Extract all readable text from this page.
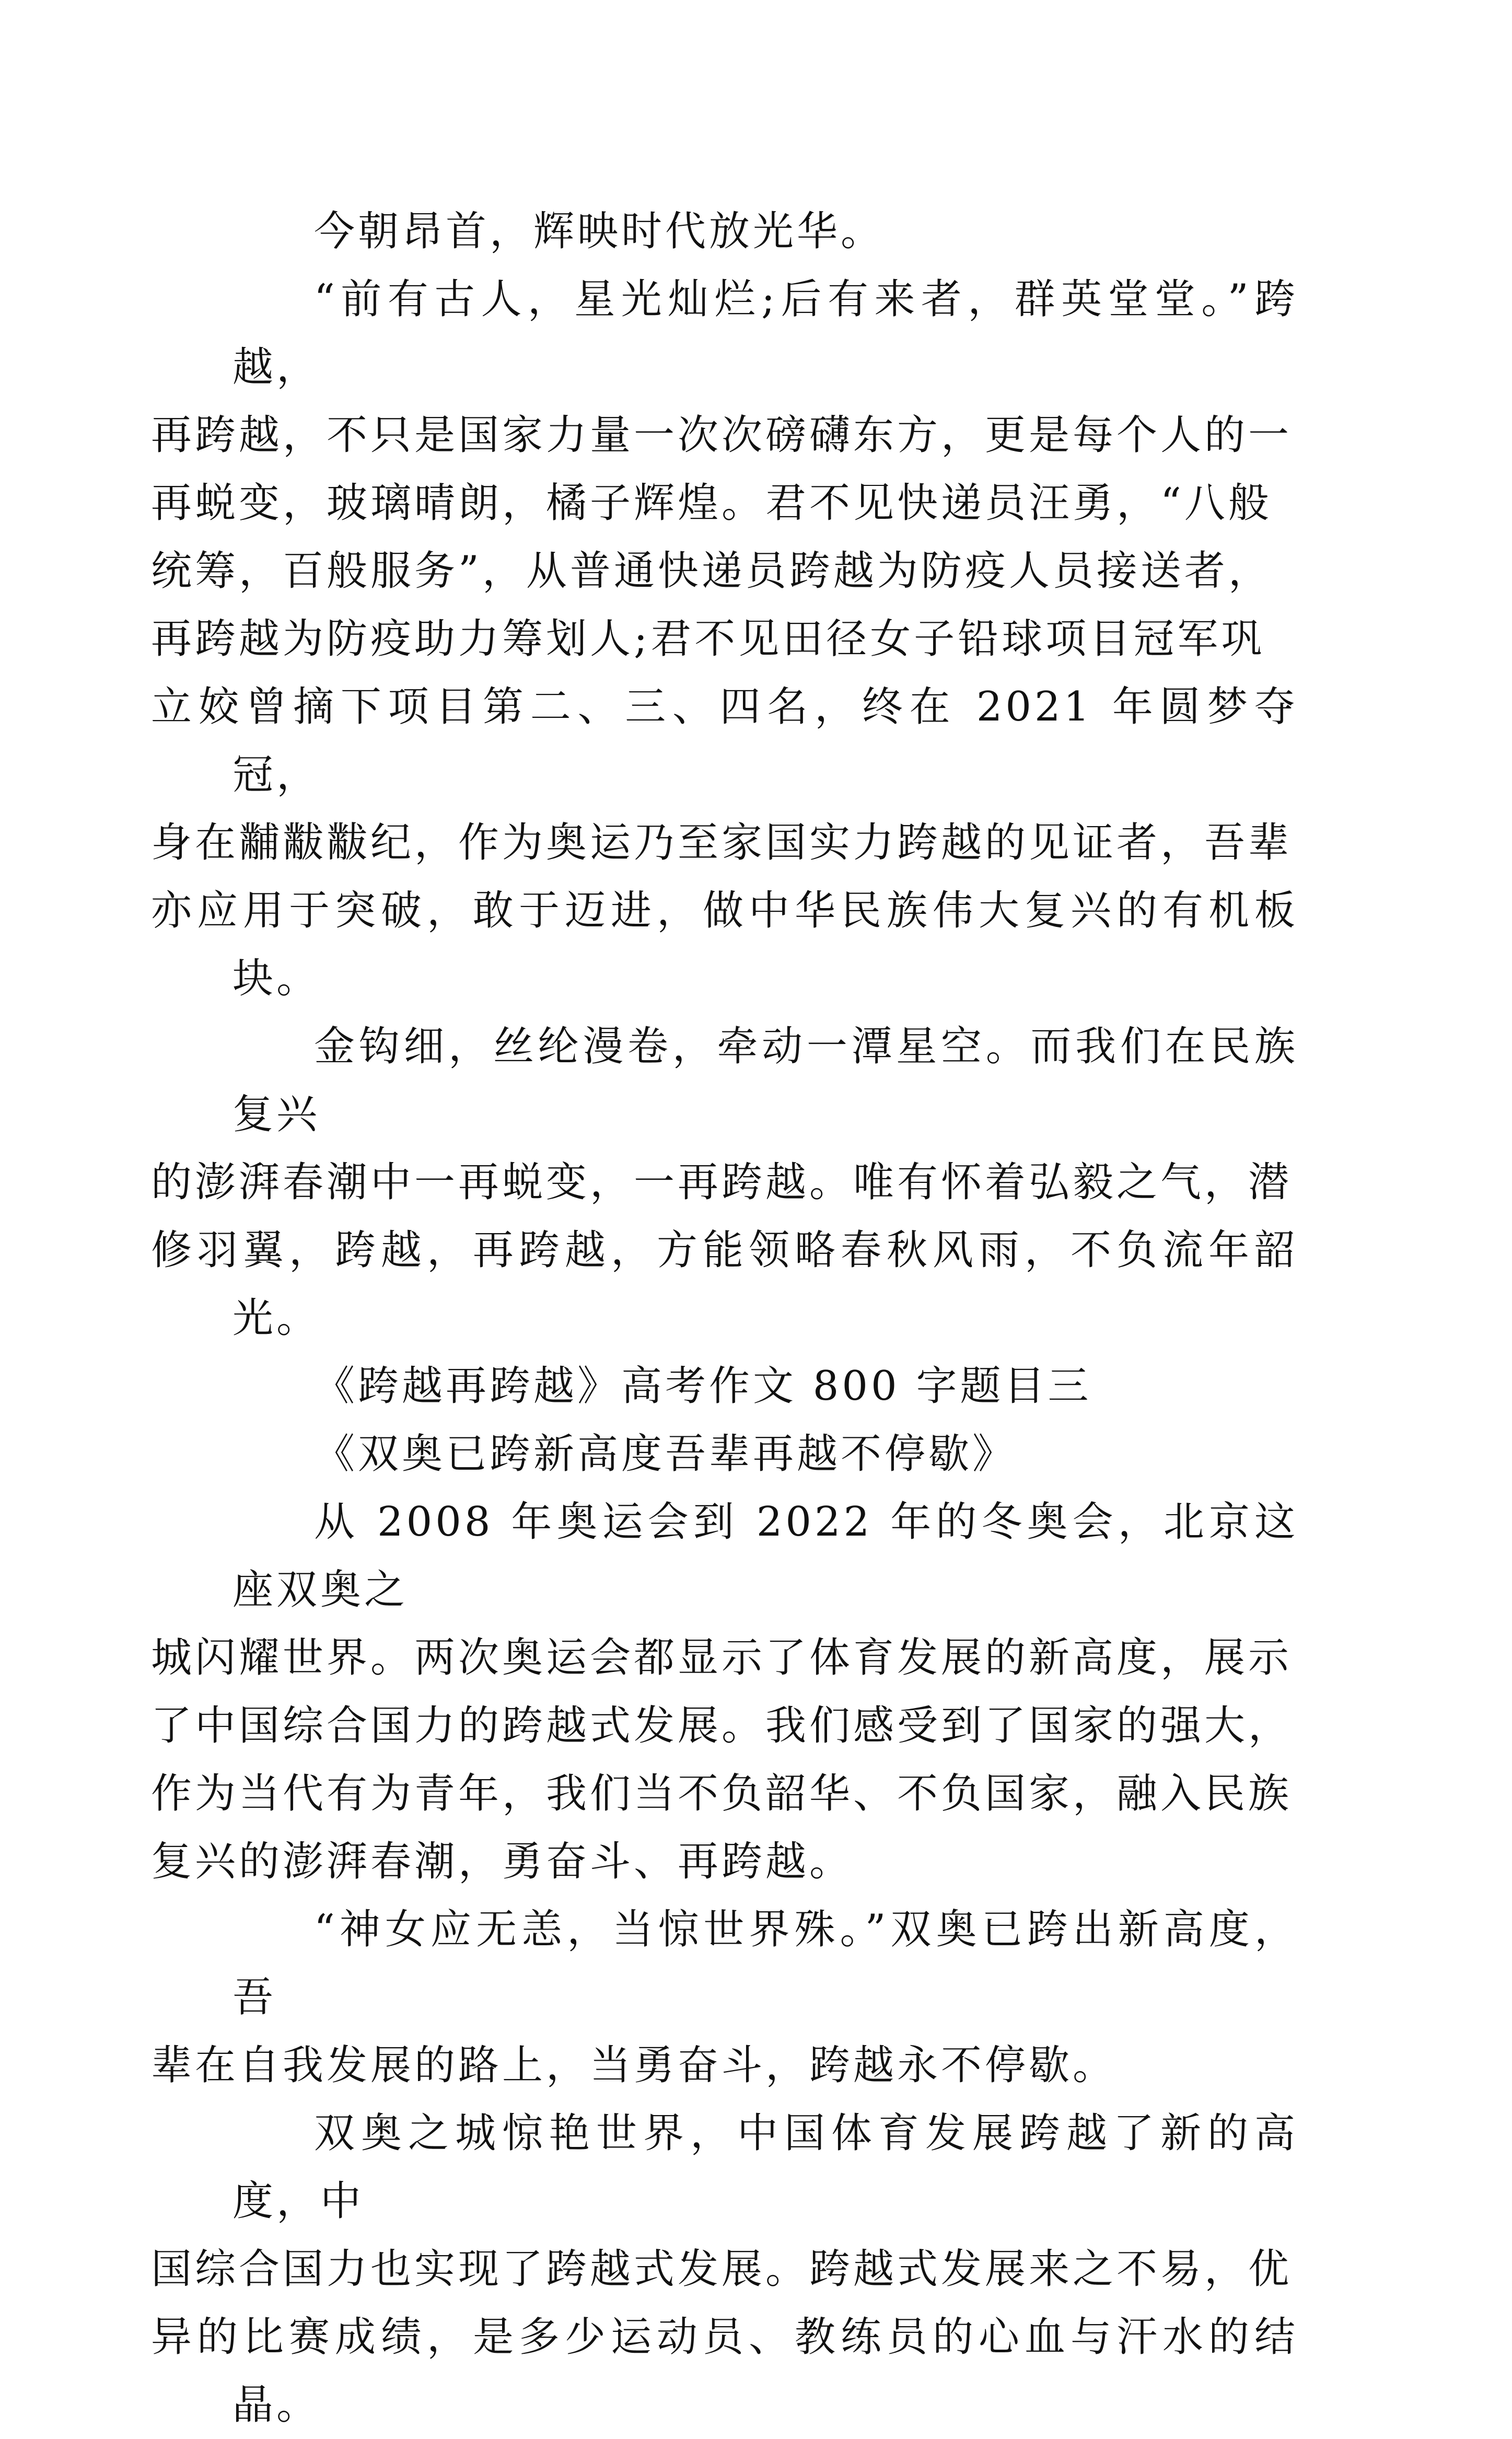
今朝昂首，辉映时代放光华。

“前有古人，星光灿烂;后有来者，群英堂堂。”跨越，
再跨越，不只是国家力量一次次磅礴东方，更是每个人的一
再蜕变，玻璃晴朗，橘子辉煌。君不见快递员汪勇，“八般
统筹，百般服务”，从普通快递员跨越为防疫人员接送者，
再跨越为防疫助力筹划人;君不见田径女子铅球项目冠军巩
立姣曾摘下项目第二、三、四名，终在 2021 年圆梦夺冠，
身在黼黻黻纪，作为奥运乃至家国实力跨越的见证者，吾辈
亦应用于突破，敢于迈进，做中华民族伟大复兴的有机板块。

金钩细，丝纶漫卷，牵动一潭星空。而我们在民族复兴
的澎湃春潮中一再蜕变，一再跨越。唯有怀着弘毅之气，潜
修羽翼，跨越，再跨越，方能领略春秋风雨，不负流年韶光。

《跨越再跨越》高考作文 800 字题目三

《双奥已跨新高度吾辈再越不停歇》

从 2008 年奥运会到 2022 年的冬奥会，北京这座双奥之
城闪耀世界。两次奥运会都显示了体育发展的新高度，展示
了中国综合国力的跨越式发展。我们感受到了国家的强大，
作为当代有为青年，我们当不负韶华、不负国家，融入民族
复兴的澎湃春潮，勇奋斗、再跨越。

“神女应无恙，当惊世界殊。”双奥已跨出新高度，吾
辈在自我发展的路上，当勇奋斗，跨越永不停歇。

双奥之城惊艳世界，中国体育发展跨越了新的高度，中
国综合国力也实现了跨越式发展。跨越式发展来之不易，优
异的比赛成绩，是多少运动员、教练员的心血与汗水的结晶。
